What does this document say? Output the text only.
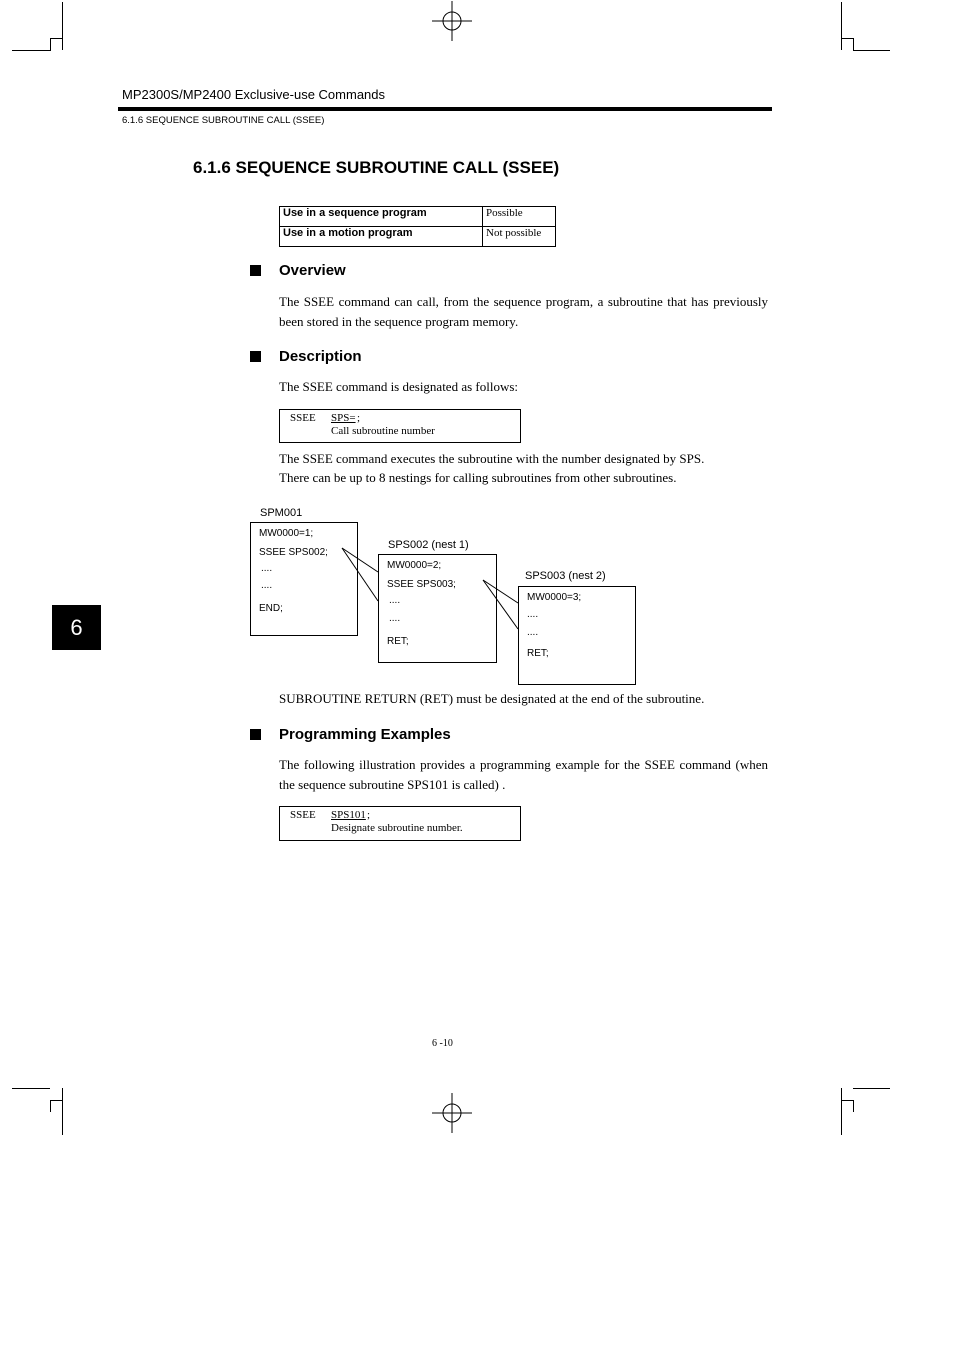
MP2300S/MP2400 Exclusive-use Commands
6.1.6 SEQUENCE SUBROUTINE CALL (SSEE)
6.1.6 SEQUENCE SUBROUTINE CALL (SSEE)
Use in a sequence program	Possible
Use in a motion program	Not possible
Overview
The SSEE command can call, from the sequence program, a subroutine that has previously been stored in the sequence program memory.
Description
The SSEE command is designated as follows:
SSEE SPS= ;
Call subroutine number
The SSEE command executes the subroutine with the number designated by SPS.
There can be up to 8 nestings for calling subroutines from other subroutines.
SPM001
MW0000=1;
SSEE SPS002;
....
....
END;
SPS002 (nest 1)
MW0000=2;
SSEE SPS003;
....
....
RET;
SPS003 (nest 2)
MW0000=3;
....
....
RET;
SUBROUTINE RETURN (RET) must be designated at the end of the subroutine.
Programming Examples
The following illustration provides a programming example for the SSEE command (when the sequence subroutine SPS101 is called) .
SSEE SPS101 ;
Designate subroutine number.
6
6 -10
